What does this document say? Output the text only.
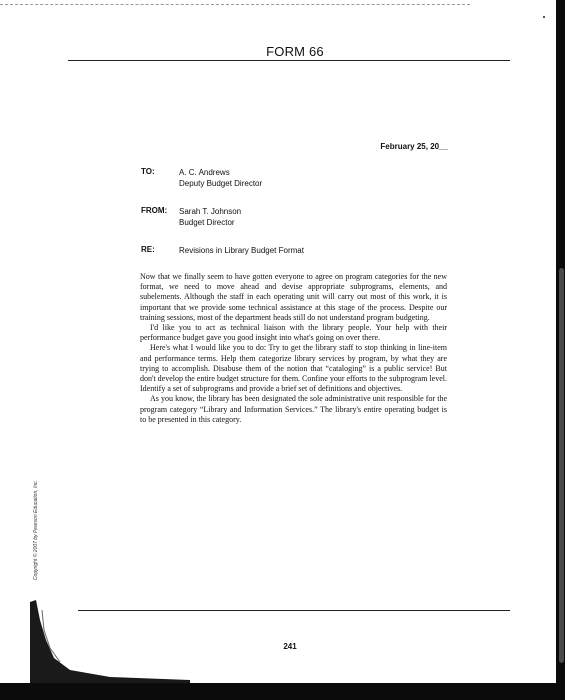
FORM 66
February 25, 20__
TO:	A. C. Andrews
Deputy Budget Director
FROM: Sarah T. Johnson
Budget Director
RE:	Revisions in Library Budget Format

Now that we finally seem to have gotten everyone to agree on program categories for the new format, we need to move ahead and devise appropriate subprograms, elements, and subelements. Although the staff in each operating unit will carry out most of this work, it is important that we provide some technical assistance at this stage of the process. Despite our training sessions, most of the department heads still do not understand program budgeting.

I'd like you to act as technical liaison with the library people. Your help with their performance budget gave you good insight into what's going on over there.

Here's what I would like you to do: Try to get the library staff to stop thinking in line-item and performance terms. Help them categorize library services by program, by what they are trying to accomplish. Disabuse them of the notion that “cataloging” is a public service! But don't develop the entire budget structure for them. Confine your efforts to the subprogram level. Identify a set of subprograms and provide a brief set of definitions and objectives.

As you know, the library has been designated the sole administrative unit responsible for the program category “Library and Information Services.” The library's entire operating budget is to be presented in this category.

Copyright © 2007 by Pearson Education, Inc.
241
